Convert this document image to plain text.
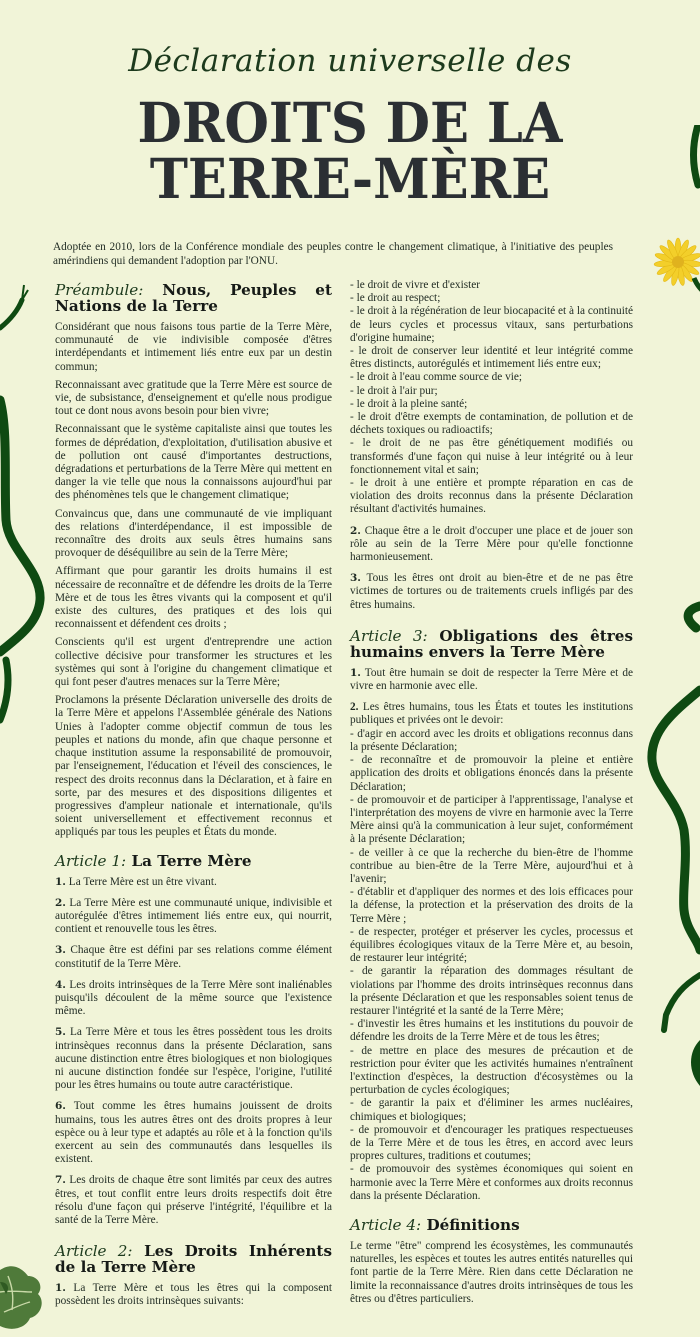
Déclaration universelle des
DROITS DE LA
TERRE-MÈRE
Adoptée en 2010, lors de la Conférence mondiale des peuples contre le changement climatique, à l'initiative des peuples amérindiens qui demandent l'adoption par l'ONU.
Préambule: Nous, Peuples et Nations de la Terre

Considérant que nous faisons tous partie de la Terre Mère, communauté de vie indivisible composée d'êtres interdépendants et intimement liés entre eux par un destin commun;

Reconnaissant avec gratitude que la Terre Mère est source de vie, de subsistance, d'enseignement et qu'elle nous prodigue tout ce dont nous avons besoin pour bien vivre;

Reconnaissant que le système capitaliste ainsi que toutes les formes de déprédation, d'exploitation, d'utilisation abusive et de pollution ont causé d'importantes destructions, dégradations et perturbations de la Terre Mère qui mettent en danger la vie telle que nous la connaissons aujourd'hui par des phénomènes tels que le changement climatique;

Convaincus que, dans une communauté de vie impliquant des relations d'interdépendance, il est impossible de reconnaître des droits aux seuls êtres humains sans provoquer de déséquilibre au sein de la Terre Mère;

Affirmant que pour garantir les droits humains il est nécessaire de reconnaître et de défendre les droits de la Terre Mère et de tous les êtres vivants qui la composent et qu'il existe des cultures, des pratiques et des lois qui reconnaissent et défendent ces droits ;

Conscients qu'il est urgent d'entreprendre une action collective décisive pour transformer les structures et les systèmes qui sont à l'origine du changement climatique et qui font peser d'autres menaces sur la Terre Mère;

Proclamons la présente Déclaration universelle des droits de la Terre Mère et appelons l'Assemblée générale des Nations Unies à l'adopter comme objectif commun de tous les peuples et nations du monde, afin que chaque personne et chaque institution assume la responsabilité de promouvoir, par l'enseignement, l'éducation et l'éveil des consciences, le respect des droits reconnus dans la Déclaration, et à faire en sorte, par des mesures et des dispositions diligentes et progressives d'ampleur nationale et internationale, qu'ils soient universellement et effectivement reconnus et appliqués par tous les peuples et États du monde.

Article 1: La Terre Mère

1. La Terre Mère est un être vivant.

2. La Terre Mère est une communauté unique, indivisible et autorégulée d'êtres intimement liés entre eux, qui nourrit, contient et renouvelle tous les êtres.

3. Chaque être est défini par ses relations comme élément constitutif de la Terre Mère.

4. Les droits intrinsèques de la Terre Mère sont inaliénables puisqu'ils découlent de la même source que l'existence même.

5. La Terre Mère et tous les êtres possèdent tous les droits intrinsèques reconnus dans la présente Déclaration, sans aucune distinction entre êtres biologiques et non biologiques ni aucune distinction fondée sur l'espèce, l'origine, l'utilité pour les êtres humains ou toute autre caractéristique.

6. Tout comme les êtres humains jouissent de droits humains, tous les autres êtres ont des droits propres à leur espèce ou à leur type et adaptés au rôle et à la fonction qu'ils exercent au sein des communautés dans lesquelles ils existent.

7. Les droits de chaque être sont limités par ceux des autres êtres, et tout conflit entre leurs droits respectifs doit être résolu d'une façon qui préserve l'intégrité, l'équilibre et la santé de la Terre Mère.

Article 2: Les Droits Inhérents de la Terre Mère

1. La Terre Mère et tous les êtres qui la composent possèdent les droits intrinsèques suivants:

- le droit de vivre et d'exister

- le droit au respect;

- le droit à la régénération de leur biocapacité et à la continuité de leurs cycles et processus vitaux, sans perturbations d'origine humaine;

- le droit de conserver leur identité et leur intégrité comme êtres distincts, autorégulés et intimement liés entre eux;

- le droit à l'eau comme source de vie;

- le droit à l'air pur;

- le droit à la pleine santé;

- le droit d'être exempts de contamination, de pollution et de déchets toxiques ou radioactifs;

- le droit de ne pas être génétiquement modifiés ou transformés d'une façon qui nuise à leur intégrité ou à leur fonctionnement vital et sain;

- le droit à une entière et prompte réparation en cas de violation des droits reconnus dans la présente Déclaration résultant d'activités humaines.

2. Chaque être a le droit d'occuper une place et de jouer son rôle au sein de la Terre Mère pour qu'elle fonctionne harmonieusement.

3. Tous les êtres ont droit au bien-être et de ne pas être victimes de tortures ou de traitements cruels infligés par des êtres humains.

Article 3: Obligations des êtres humains envers la Terre Mère

1. Tout être humain se doit de respecter la Terre Mère et de vivre en harmonie avec elle.

2. Les êtres humains, tous les États et toutes les institutions publiques et privées ont le devoir:

- d'agir en accord avec les droits et obligations reconnus dans la présente Déclaration;

- de reconnaître et de promouvoir la pleine et entière application des droits et obligations énoncés dans la présente Déclaration;

- de promouvoir et de participer à l'apprentissage, l'analyse et l'interprétation des moyens de vivre en harmonie avec la Terre Mère ainsi qu'à la communication à leur sujet, conformément à la présente Déclaration;

- de veiller à ce que la recherche du bien-être de l'homme contribue au bien-être de la Terre Mère, aujourd'hui et à l'avenir;

- d'établir et d'appliquer des normes et des lois efficaces pour la défense, la protection et la préservation des droits de la Terre Mère ;

- de respecter, protéger et préserver les cycles, processus et équilibres écologiques vitaux de la Terre Mère et, au besoin, de restaurer leur intégrité;

- de garantir la réparation des dommages résultant de violations par l'homme des droits intrinsèques reconnus dans la présente Déclaration et que les responsables soient tenus de restaurer l'intégrité et la santé de la Terre Mère;

- d'investir les êtres humains et les institutions du pouvoir de défendre les droits de la Terre Mère et de tous les êtres;

- de mettre en place des mesures de précaution et de restriction pour éviter que les activités humaines n'entraînent l'extinction d'espèces, la destruction d'écosystèmes ou la perturbation de cycles écologiques;

- de garantir la paix et d'éliminer les armes nucléaires, chimiques et biologiques;

- de promouvoir et d'encourager les pratiques respectueuses de la Terre Mère et de tous les êtres, en accord avec leurs propres cultures, traditions et coutumes;

- de promouvoir des systèmes économiques qui soient en harmonie avec la Terre Mère et conformes aux droits reconnus dans la présente Déclaration.

Article 4: Définitions

Le terme "être" comprend les écosystèmes, les communautés naturelles, les espèces et toutes les autres entités naturelles qui font partie de la Terre Mère. Rien dans cette Déclaration ne limite la reconnaissance d'autres droits intrinsèques de tous les êtres ou d'êtres particuliers.
